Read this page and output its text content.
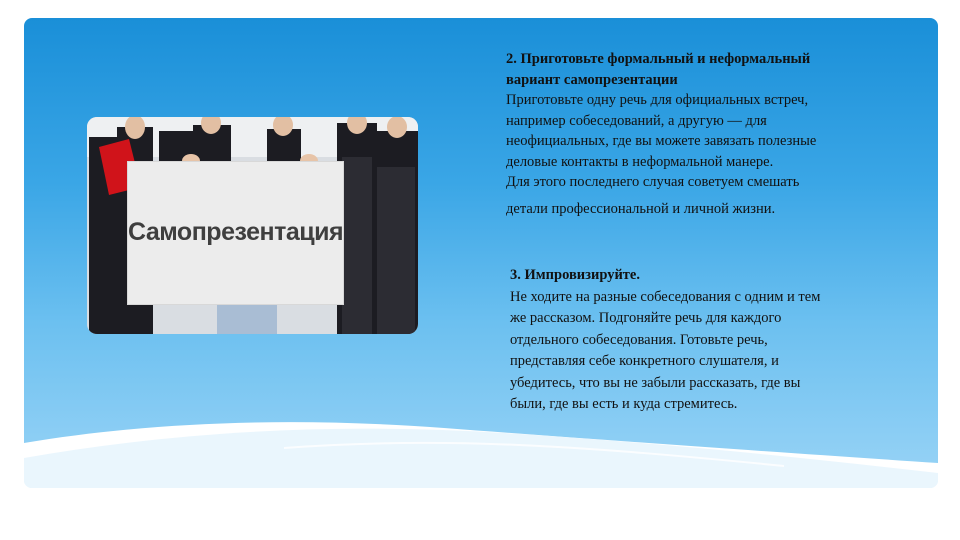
Самопрезентация
2. Приготовьте формальный и неформальный
вариант самопрезентации
Приготовьте одну речь для официальных встреч,
например собеседований, а другую — для
неофициальных, где вы можете завязать полезные
деловые контакты в неформальной манере.
Для этого последнего случая советуем смешать
детали профессиональной и личной жизни.
3. Импровизируйте.
Не ходите на разные собеседования с одним и тем
же рассказом. Подгоняйте речь для каждого
отдельного собеседования. Готовьте речь,
представляя себе конкретного слушателя, и
убедитесь, что вы не забыли рассказать, где вы
были, где вы есть и куда стремитесь.
